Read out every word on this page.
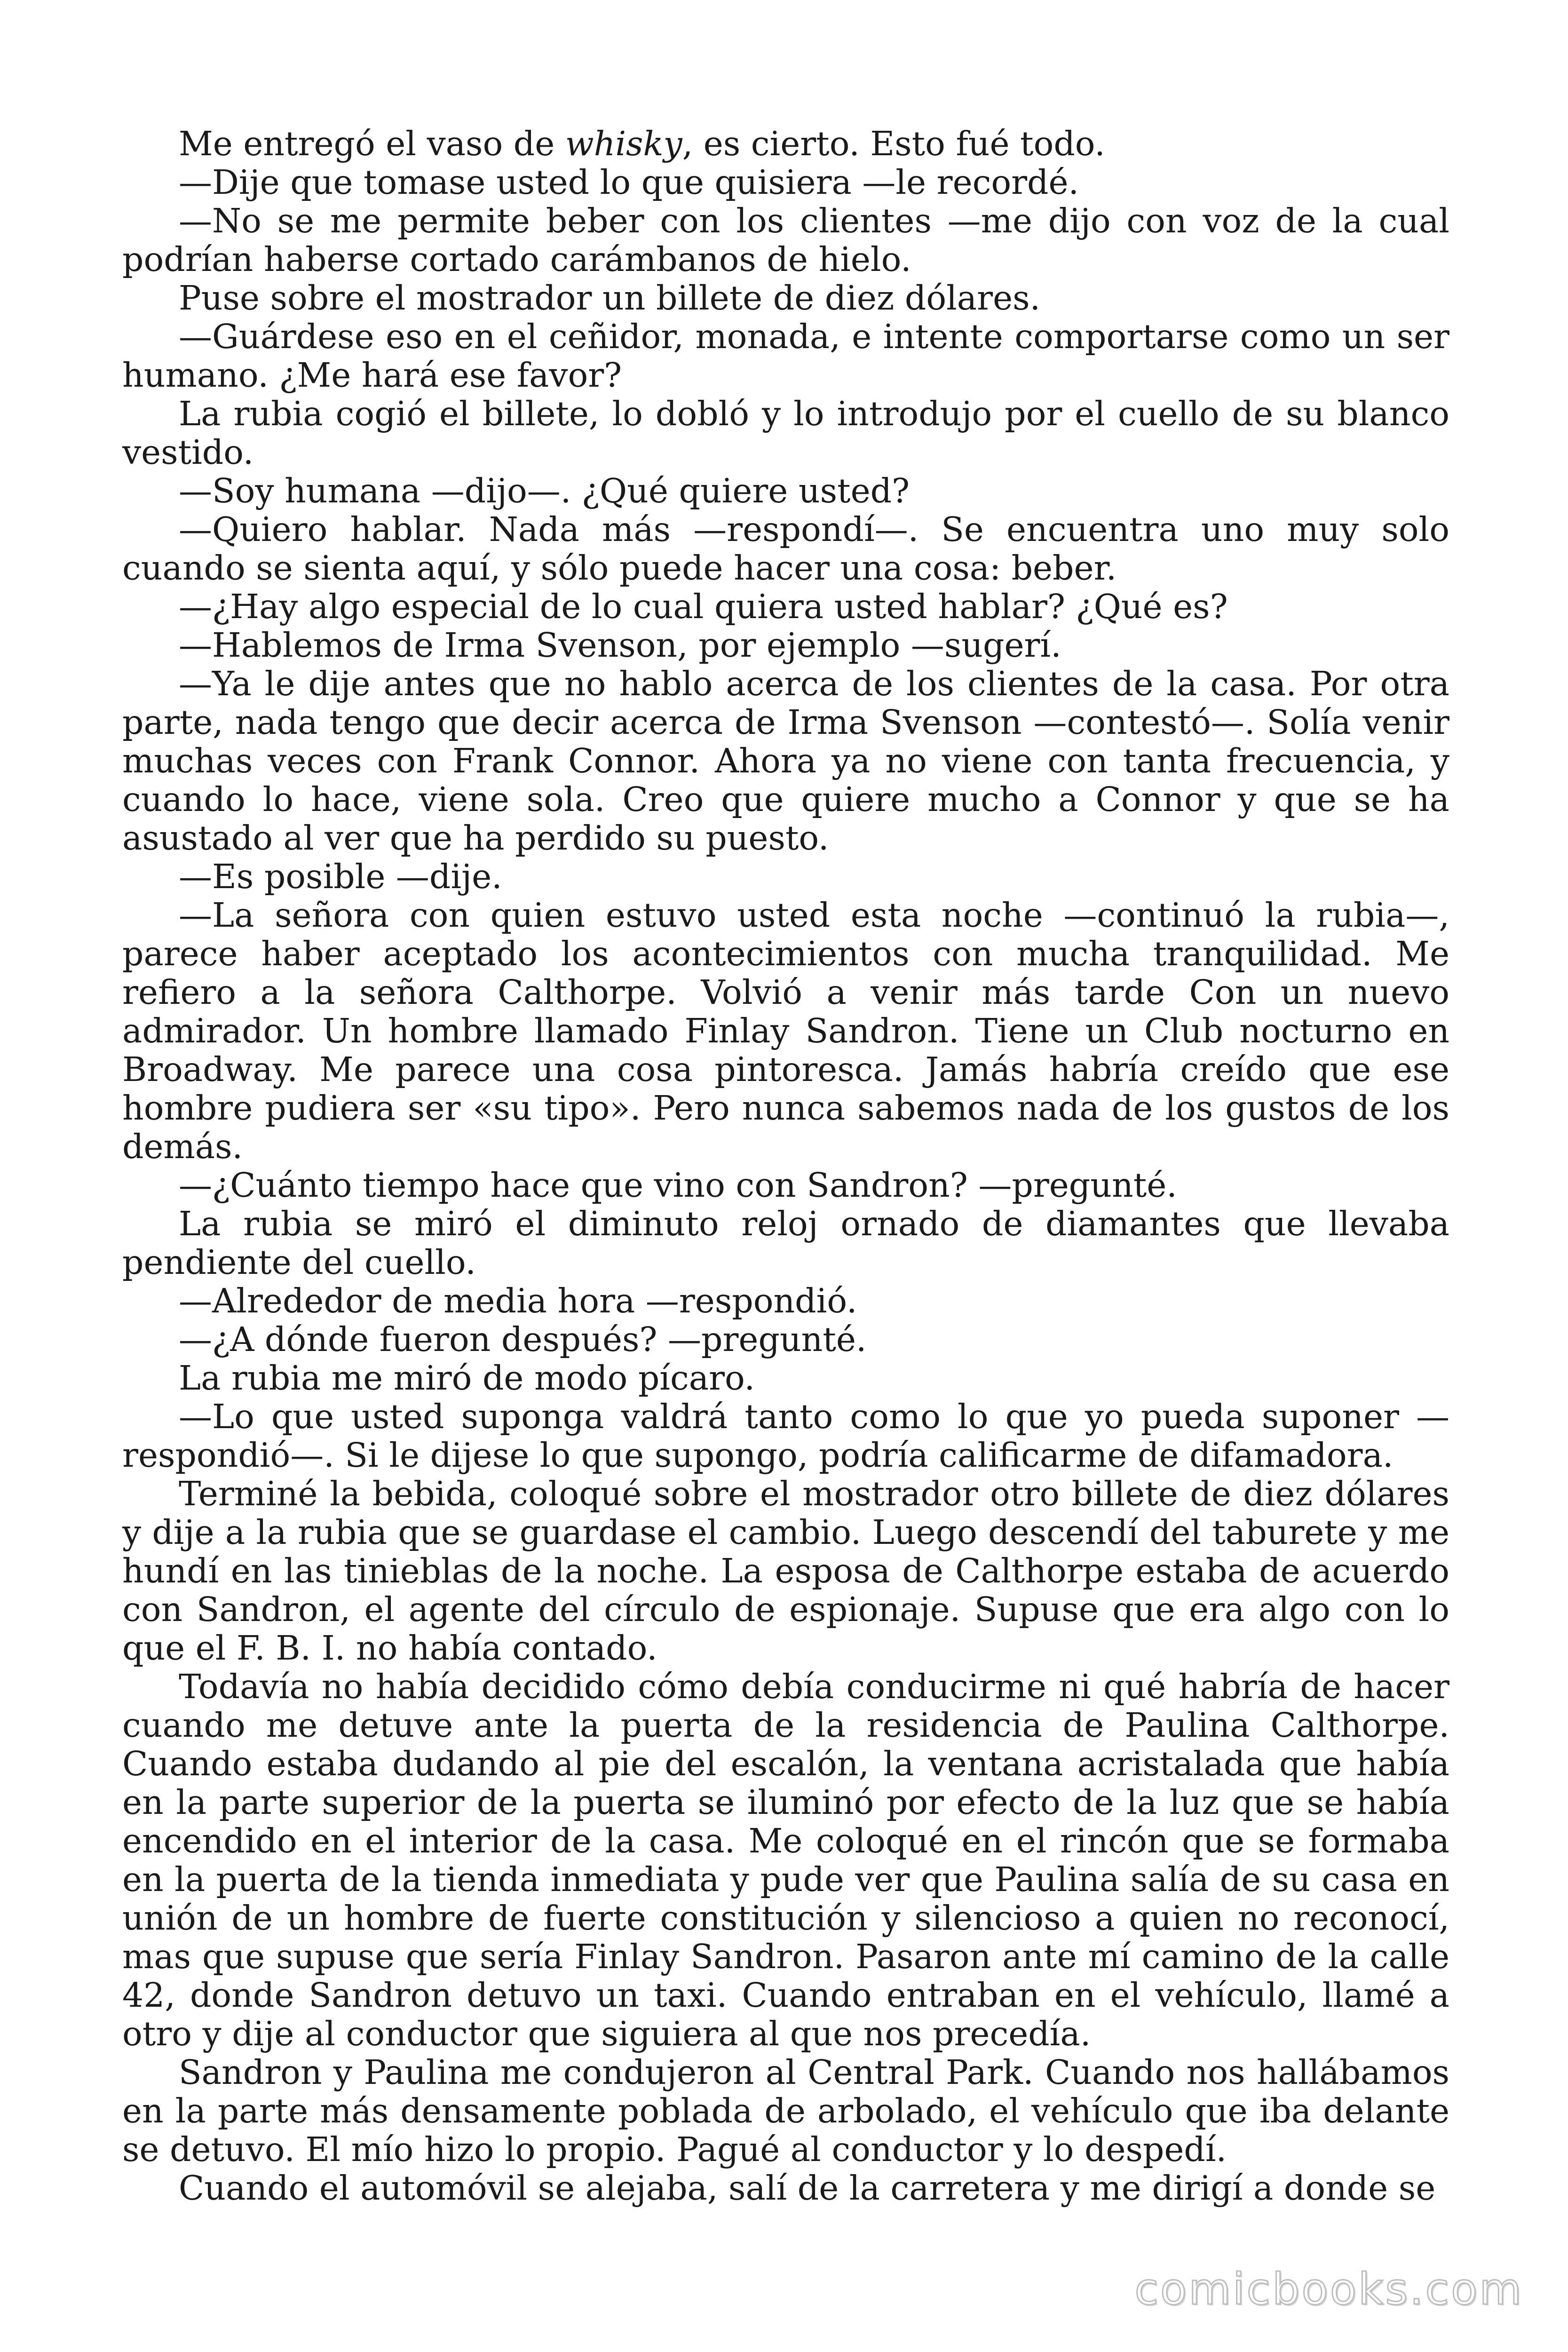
Me entregó el vaso de whisky, es cierto. Esto fué todo.

—Dije que tomase usted lo que quisiera —le recordé.

—No se me permite beber con los clientes —me dijo con voz de la cual podrían haberse cortado carámbanos de hielo.

Puse sobre el mostrador un billete de diez dólares.

—Guárdese eso en el ceñidor, monada, e intente comportarse como un ser humano. ¿Me hará ese favor?

La rubia cogió el billete, lo dobló y lo introdujo por el cuello de su blanco vestido.

—Soy humana —dijo—. ¿Qué quiere usted?

—Quiero hablar. Nada más —respondí—. Se encuentra uno muy solo cuando se sienta aquí, y sólo puede hacer una cosa: beber.

—¿Hay algo especial de lo cual quiera usted hablar? ¿Qué es?

—Hablemos de Irma Svenson, por ejemplo —sugerí.

—Ya le dije antes que no hablo acerca de los clientes de la casa. Por otra parte, nada tengo que decir acerca de Irma Svenson —contestó—. Solía venir muchas veces con Frank Connor. Ahora ya no viene con tanta frecuencia, y cuando lo hace, viene sola. Creo que quiere mucho a Connor y que se ha asustado al ver que ha perdido su puesto.

—Es posible —dije.

—La señora con quien estuvo usted esta noche —continuó la rubia—, parece haber aceptado los acontecimientos con mucha tranquilidad. Me refiero a la señora Calthorpe. Volvió a venir más tarde Con un nuevo admirador. Un hombre llamado Finlay Sandron. Tiene un Club nocturno en Broadway. Me parece una cosa pintoresca. Jamás habría creído que ese hombre pudiera ser «su tipo». Pero nunca sabemos nada de los gustos de los demás.

—¿Cuánto tiempo hace que vino con Sandron? —pregunté.

La rubia se miró el diminuto reloj ornado de diamantes que llevaba pendiente del cuello.

—Alrededor de media hora —respondió.

—¿A dónde fueron después? —pregunté.

La rubia me miró de modo pícaro.

—Lo que usted suponga valdrá tanto como lo que yo pueda suponer —respondió—. Si le dijese lo que supongo, podría calificarme de difamadora.

Terminé la bebida, coloqué sobre el mostrador otro billete de diez dólares y dije a la rubia que se guardase el cambio. Luego descendí del taburete y me hundí en las tinieblas de la noche. La esposa de Calthorpe estaba de acuerdo con Sandron, el agente del círculo de espionaje. Supuse que era algo con lo que el F. B. I. no había contado.

Todavía no había decidido cómo debía conducirme ni qué habría de hacer cuando me detuve ante la puerta de la residencia de Paulina Calthorpe. Cuando estaba dudando al pie del escalón, la ventana acristalada que había en la parte superior de la puerta se iluminó por efecto de la luz que se había encendido en el interior de la casa. Me coloqué en el rincón que se formaba en la puerta de la tienda inmediata y pude ver que Paulina salía de su casa en unión de un hombre de fuerte constitución y silencioso a quien no reconocí, mas que supuse que sería Finlay Sandron. Pasaron ante mí camino de la calle 42, donde Sandron detuvo un taxi. Cuando entraban en el vehículo, llamé a otro y dije al conductor que siguiera al que nos precedía.

Sandron y Paulina me condujeron al Central Park. Cuando nos hallábamos en la parte más densamente poblada de arbolado, el vehículo que iba delante se detuvo. El mío hizo lo propio. Pagué al conductor y lo despedí.

Cuando el automóvil se alejaba, salí de la carretera y me dirigí a donde se

comicbooks.com
